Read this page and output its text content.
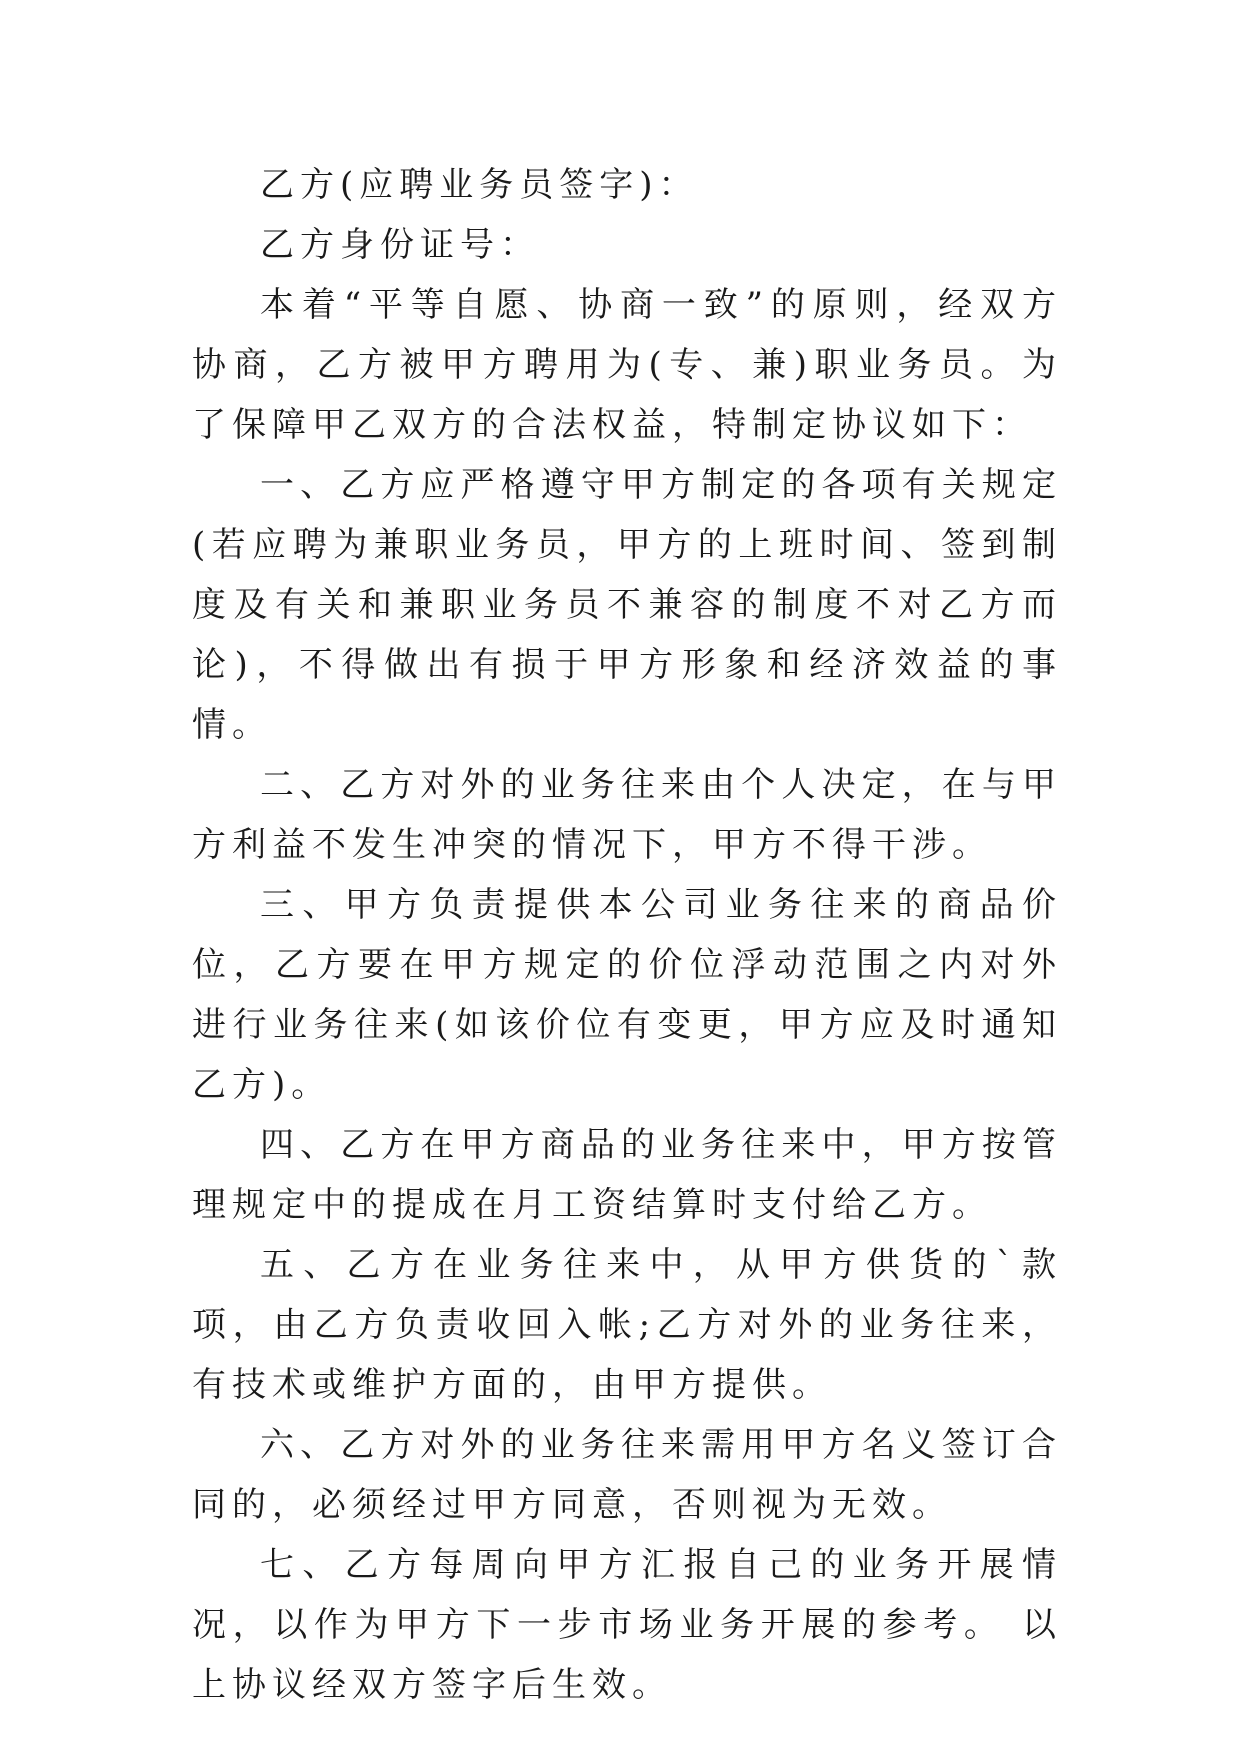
乙方(应聘业务员签字)：

乙方身份证号：

本着“平等自愿、协商一致”的原则，经双方协商，乙方被甲方聘用为(专、兼)职业务员。为了保障甲乙双方的合法权益，特制定协议如下：

一、乙方应严格遵守甲方制定的各项有关规定(若应聘为兼职业务员，甲方的上班时间、签到制度及有关和兼职业务员不兼容的制度不对乙方而论)，不得做出有损于甲方形象和经济效益的事情。

二、乙方对外的业务往来由个人决定，在与甲方利益不发生冲突的情况下，甲方不得干涉。

三、甲方负责提供本公司业务往来的商品价位，乙方要在甲方规定的价位浮动范围之内对外进行业务往来(如该价位有变更，甲方应及时通知乙方)。

四、乙方在甲方商品的业务往来中，甲方按管理规定中的提成在月工资结算时支付给乙方。

五、乙方在业务往来中，从甲方供货的`款项，由乙方负责收回入帐;乙方对外的业务往来，有技术或维护方面的，由甲方提供。

六、乙方对外的业务往来需用甲方名义签订合同的，必须经过甲方同意，否则视为无效。

七、乙方每周向甲方汇报自己的业务开展情况，以作为甲方下一步市场业务开展的参考。 以上协议经双方签字后生效。
